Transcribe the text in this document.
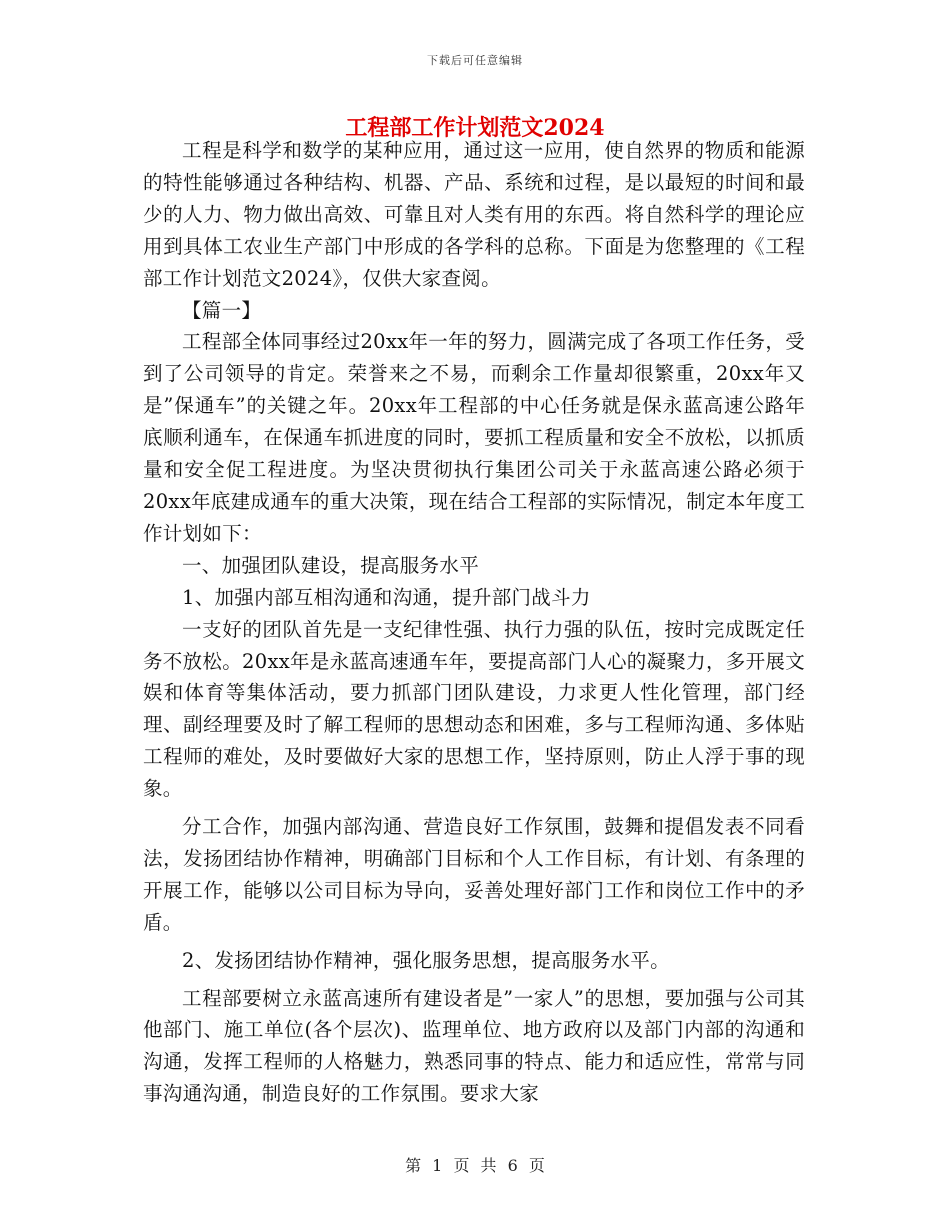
下载后可任意编辑
工程部工作计划范文2024

工程是科学和数学的某种应用，通过这一应用，使自然界的物质和能源的特性能够通过各种结构、机器、产品、系统和过程，是以最短的时间和最少的人力、物力做出高效、可靠且对人类有用的东西。将自然科学的理论应用到具体工农业生产部门中形成的各学科的总称。下面是为您整理的《工程部工作计划范文2024》，仅供大家查阅。

【篇一】

工程部全体同事经过20xx年一年的努力，圆满完成了各项工作任务，受到了公司领导的肯定。荣誉来之不易，而剩余工作量却很繁重，20xx年又是”保通车”的关键之年。20xx年工程部的中心任务就是保永蓝高速公路年底顺利通车，在保通车抓进度的同时，要抓工程质量和安全不放松，以抓质量和安全促工程进度。为坚决贯彻执行集团公司关于永蓝高速公路必须于20xx年底建成通车的重大决策，现在结合工程部的实际情况，制定本年度工作计划如下：

一、加强团队建设，提高服务水平

1、加强内部互相沟通和沟通，提升部门战斗力

一支好的团队首先是一支纪律性强、执行力强的队伍，按时完成既定任务不放松。20xx年是永蓝高速通车年，要提高部门人心的凝聚力，多开展文娱和体育等集体活动，要力抓部门团队建设，力求更人性化管理，部门经理、副经理要及时了解工程师的思想动态和困难，多与工程师沟通、多体贴工程师的难处，及时要做好大家的思想工作，坚持原则，防止人浮于事的现象。

分工合作，加强内部沟通、营造良好工作氛围，鼓舞和提倡发表不同看法，发扬团结协作精神，明确部门目标和个人工作目标，有计划、有条理的开展工作，能够以公司目标为导向，妥善处理好部门工作和岗位工作中的矛盾。

2、发扬团结协作精神，强化服务思想，提高服务水平。

工程部要树立永蓝高速所有建设者是”一家人”的思想，要加强与公司其他部门、施工单位(各个层次)、监理单位、地方政府以及部门内部的沟通和沟通，发挥工程师的人格魅力，熟悉同事的特点、能力和适应性，常常与同事沟通沟通，制造良好的工作氛围。要求大家

第 1 页 共 6 页
